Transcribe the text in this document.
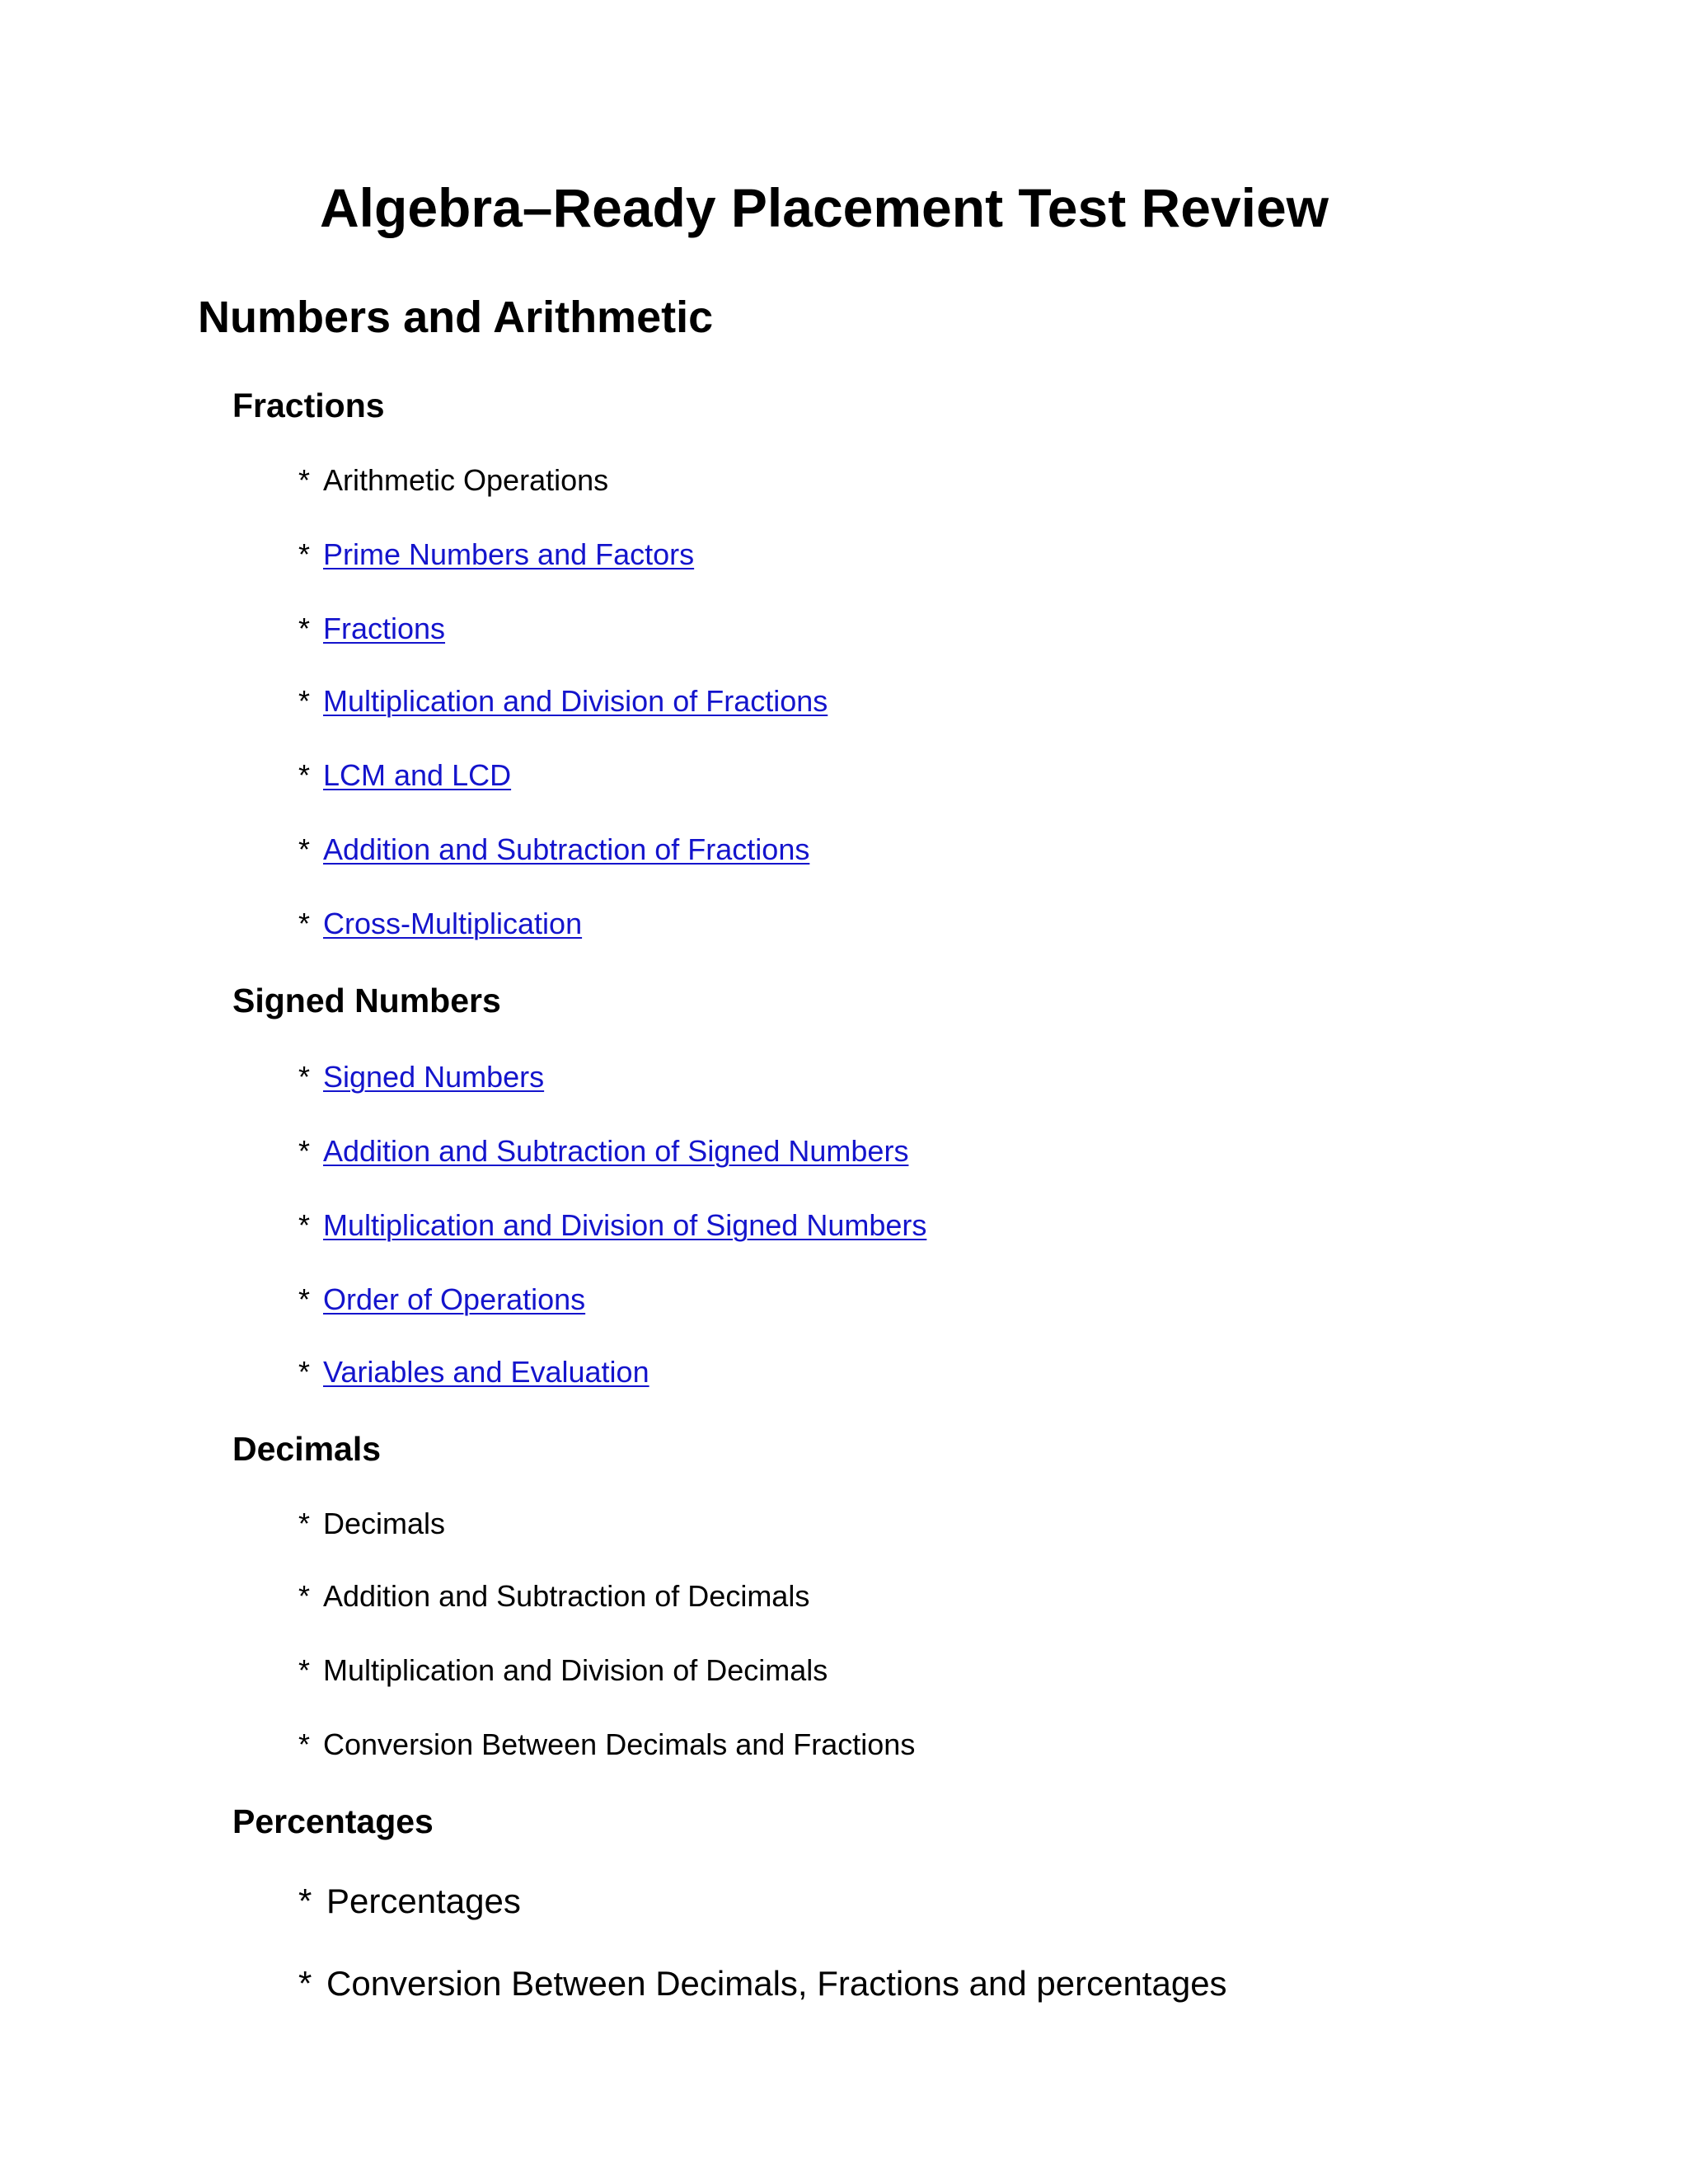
Algebra–Ready Placement Test Review
Numbers and Arithmetic
Fractions
* Arithmetic Operations
* Prime Numbers and Factors
* Fractions
* Multiplication and Division of Fractions
* LCM and LCD
* Addition and Subtraction of Fractions
* Cross-Multiplication
Signed Numbers
* Signed Numbers
* Addition and Subtraction of Signed Numbers
* Multiplication and Division of Signed Numbers
* Order of Operations
* Variables and Evaluation
Decimals
* Decimals
* Addition and Subtraction of Decimals
* Multiplication and Division of Decimals
* Conversion Between Decimals and Fractions
Percentages
* Percentages
* Conversion Between Decimals, Fractions and percentages
